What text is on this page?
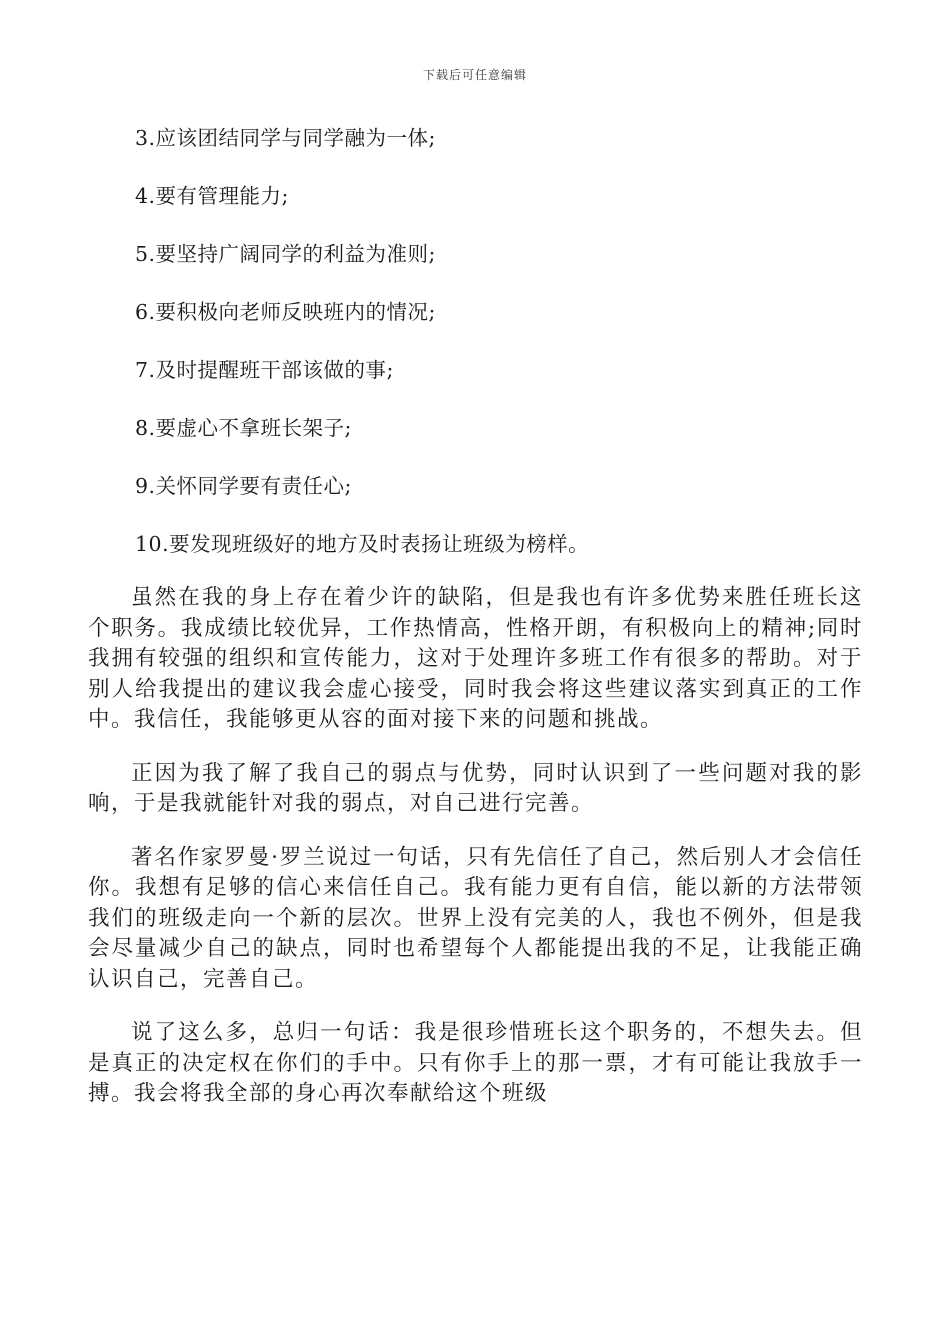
下载后可任意编辑
3.应该团结同学与同学融为一体;
4.要有管理能力;
5.要坚持广阔同学的利益为准则;
6.要积极向老师反映班内的情况;
7.及时提醒班干部该做的事;
8.要虚心不拿班长架子;
9.关怀同学要有责任心;
10.要发现班级好的地方及时表扬让班级为榜样。

虽然在我的身上存在着少许的缺陷，但是我也有许多优势来胜任班长这个职务。我成绩比较优异，工作热情高，性格开朗，有积极向上的精神;同时我拥有较强的组织和宣传能力，这对于处理许多班工作有很多的帮助。对于别人给我提出的建议我会虚心接受，同时我会将这些建议落实到真正的工作中。我信任，我能够更从容的面对接下来的问题和挑战。

正因为我了解了我自己的弱点与优势，同时认识到了一些问题对我的影响，于是我就能针对我的弱点，对自己进行完善。

著名作家罗曼·罗兰说过一句话，只有先信任了自己，然后别人才会信任你。我想有足够的信心来信任自己。我有能力更有自信，能以新的方法带领我们的班级走向一个新的层次。世界上没有完美的人，我也不例外，但是我会尽量减少自己的缺点，同时也希望每个人都能提出我的不足，让我能正确认识自己，完善自己。

说了这么多，总归一句话：我是很珍惜班长这个职务的，不想失去。但是真正的决定权在你们的手中。只有你手上的那一票，才有可能让我放手一搏。我会将我全部的身心再次奉献给这个班级
